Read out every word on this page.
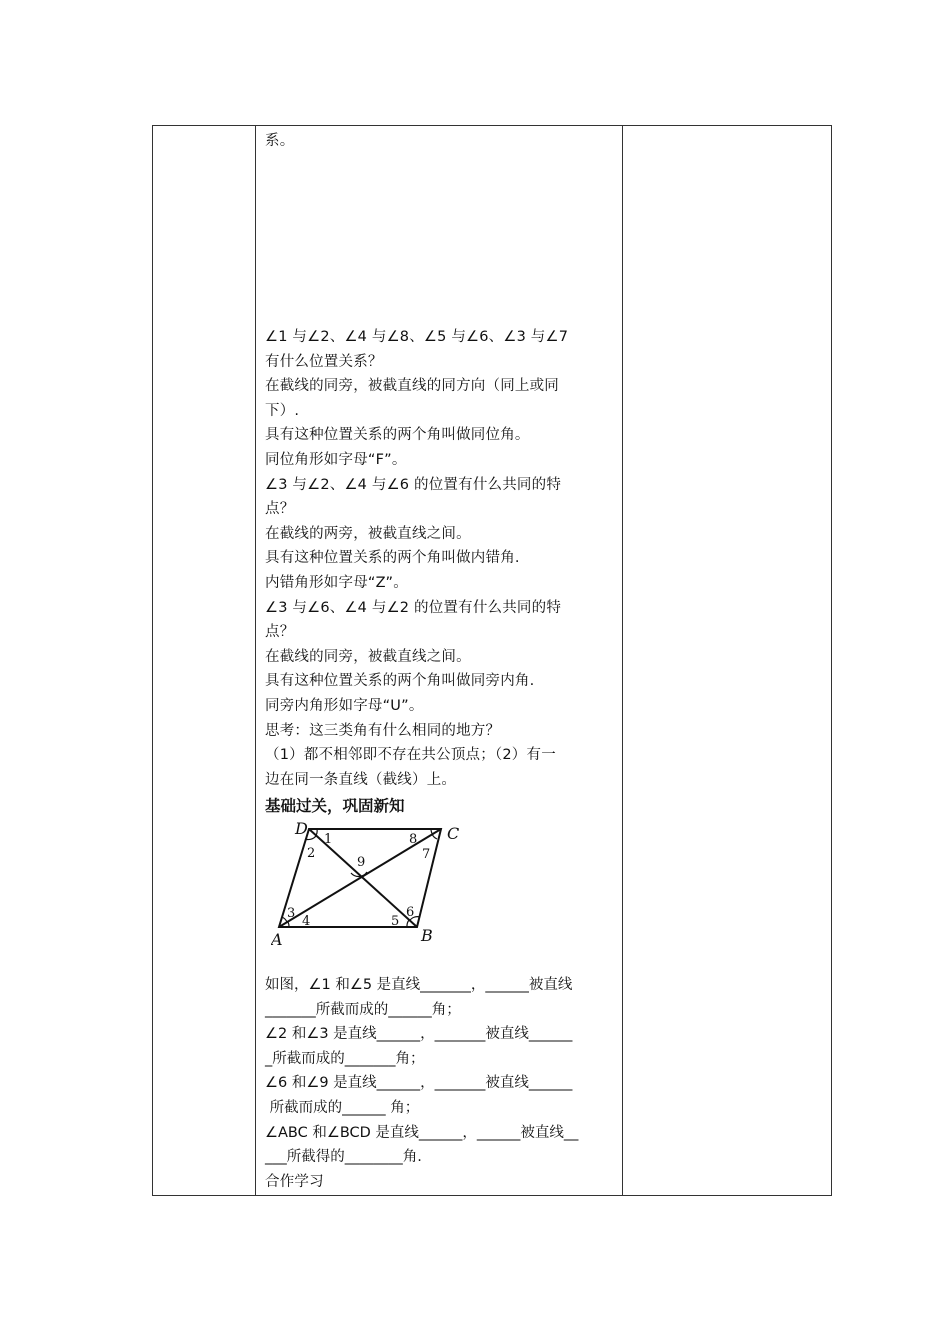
系。
∠1 与∠2、∠4 与∠8、∠5 与∠6、∠3 与∠7
有什么位置关系？
在截线的同旁，被截直线的同方向（同上或同
下）.
具有这种位置关系的两个角叫做同位角。
同位角形如字母“F”。
∠3 与∠2、∠4 与∠6 的位置有什么共同的特
点？
在截线的两旁，被截直线之间。
具有这种位置关系的两个角叫做内错角.
内错角形如字母“Z”。
∠3 与∠6、∠4 与∠2 的位置有什么共同的特
点？
在截线的同旁，被截直线之间。
具有这种位置关系的两个角叫做同旁内角.
同旁内角形如字母“U”。
思考：这三类角有什么相同的地方？
（1）都不相邻即不存在共公顶点；（2）有一
边在同一条直线（截线）上。
基础过关，巩固新知
D	C
A	B
1
2
8
7
9
3
4	5
6
如图，∠1 和∠5 是直线_______，______被直线
_______所截而成的______角；
∠2 和∠3 是直线______，_______被直线______
_所截而成的_______角；
∠6 和∠9 是直线______，_______被直线______
所截而成的______ 角；
∠ABC 和∠BCD 是直线______，______被直线__
___所截得的________角.
合作学习
